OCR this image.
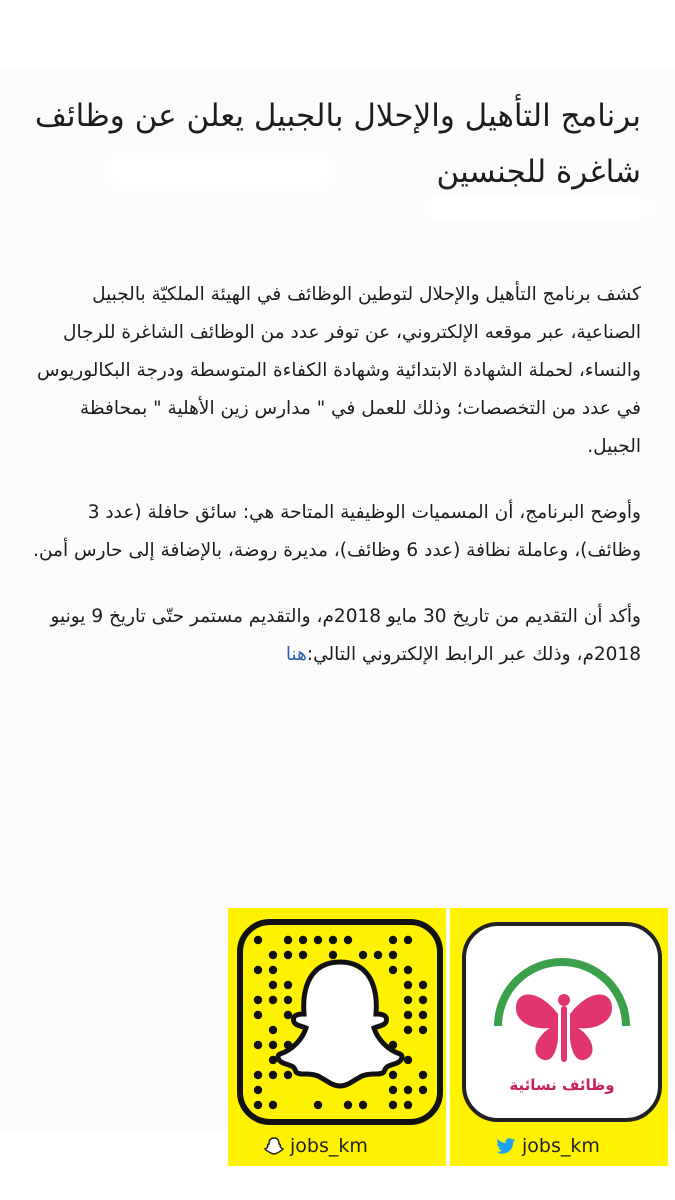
برنامج التأهيل والإحلال بالجبيل يعلن عن وظائف شاغرة للجنسين

كشف برنامج التأهيل والإحلال لتوطين الوظائف في الهيئة الملكيّة بالجبيل الصناعية، عبر موقعه الإلكتروني، عن توفر عدد من الوظائف الشاغرة للرجال والنساء، لحملة الشهادة الابتدائية وشهادة الكفاءة المتوسطة ودرجة البكالوريوس في عدد من التخصصات؛ وذلك للعمل في " مدارس زين الأهلية " بمحافظة الجبيل.

وأوضح البرنامج، أن المسميات الوظيفية المتاحة هي: سائق حافلة (عدد 3 وظائف)، وعاملة نظافة (عدد 6 وظائف)، مديرة روضة، بالإضافة إلى حارس أمن.

وأكد أن التقديم من تاريخ 30 مايو 2018م، والتقديم مستمر حتّى تاريخ 9 يونيو 2018م، وذلك عبر الرابط الإلكتروني التالي:هنا

وظائف نسائية
jobs_km	jobs_km
